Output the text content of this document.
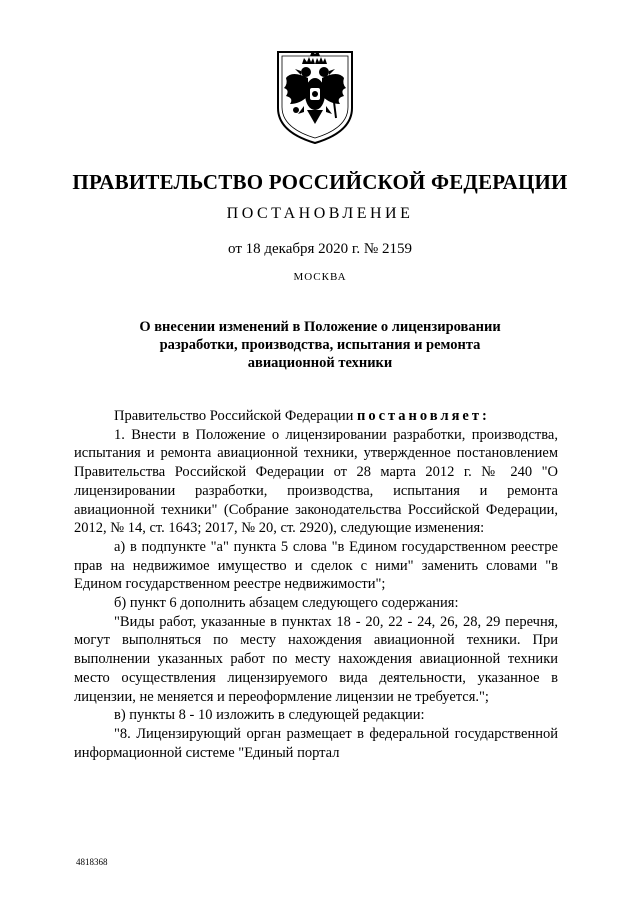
ПРАВИТЕЛЬСТВО РОССИЙСКОЙ ФЕДЕРАЦИИ
ПОСТАНОВЛЕНИЕ
от 18 декабря 2020 г. № 2159
МОСКВА
О внесении изменений в Положение о лицензировании разработки, производства, испытания и ремонта авиационной техники

Правительство Российской Федерации постановляет:

1. Внести в Положение о лицензировании разработки, производства, испытания и ремонта авиационной техники, утвержденное постановлением Правительства Российской Федерации от 28 марта 2012 г. № 240 "О лицензировании разработки, производства, испытания и ремонта авиационной техники" (Собрание законодательства Российской Федерации, 2012, № 14, ст. 1643; 2017, № 20, ст. 2920), следующие изменения:

а) в подпункте "а" пункта 5 слова "в Едином государственном реестре прав на недвижимое имущество и сделок с ними" заменить словами "в Едином государственном реестре недвижимости";

б) пункт 6 дополнить абзацем следующего содержания:

"Виды работ, указанные в пунктах 18 - 20, 22 - 24, 26, 28, 29 перечня, могут выполняться по месту нахождения авиационной техники. При выполнении указанных работ по месту нахождения авиационной техники место осуществления лицензируемого вида деятельности, указанное в лицензии, не меняется и переоформление лицензии не требуется.";

в) пункты 8 - 10 изложить в следующей редакции:

"8. Лицензирующий орган размещает в федеральной государственной информационной системе "Единый портал

4818368
